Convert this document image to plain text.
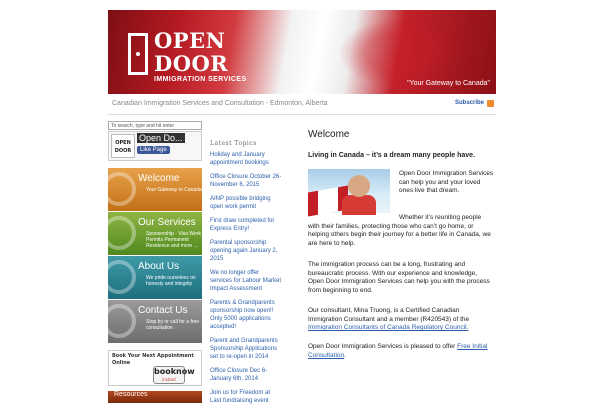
OPEN
DOOR
IMMIGRATION SERVICES
"Your Gateway to Canada"
Canadian Immigration Services and Consultation - Edmonton, Alberta	Subscribe
To search, type and hit enter
OPEN DOOR
Open Do...
Like Page
Welcome
Your Gateway to Canada
Our Services
Sponsorship · Visa Work Permits Permanent Residence and more ...
About Us
We pride ourselves on honesty and integrity
Contact Us
Stop by or call for a free consultation
Book Your Next Appointment Online
booknow
instant
Resources
Latest Topics
Holiday and January appointment bookings
Office Closure October 26-November 6, 2015
AINP possible bridging open work permit
First draw completed for Express Entry!
Parental sponsorship opening again January 2, 2015
We no longer offer services for Labour Market Impact Assessment
Parents & Grandparents sponsorship now open!! Only 5000 applications accepted!
Parent and Grandparents Sponsorship Applications set to re-open in 2014
Office Closure Dec 6-January 6th, 2014
Join us for Freedom at Last fundraising event
Welcome
Living in Canada – it’s a dream many people have.
Open Door Immigration Services can help you and your loved ones live that dream.
Whether it’s reuniting people with their families, protecting those who can’t go home, or helping others begin their journey for a better life in Canada, we are here to help.
The immigration process can be a long, frustrating and bureaucratic process. With our experience and knowledge, Open Door Immigration Services can help you with the process from beginning to end.
Our consultant, Mina Truong, is a Certified Canadian Immigration Consultant and a member (R420543) of the Immigration Consultants of Canada Regulatory Council.
Open Door Immigration Services is pleased to offer Free Initial Consultation.
